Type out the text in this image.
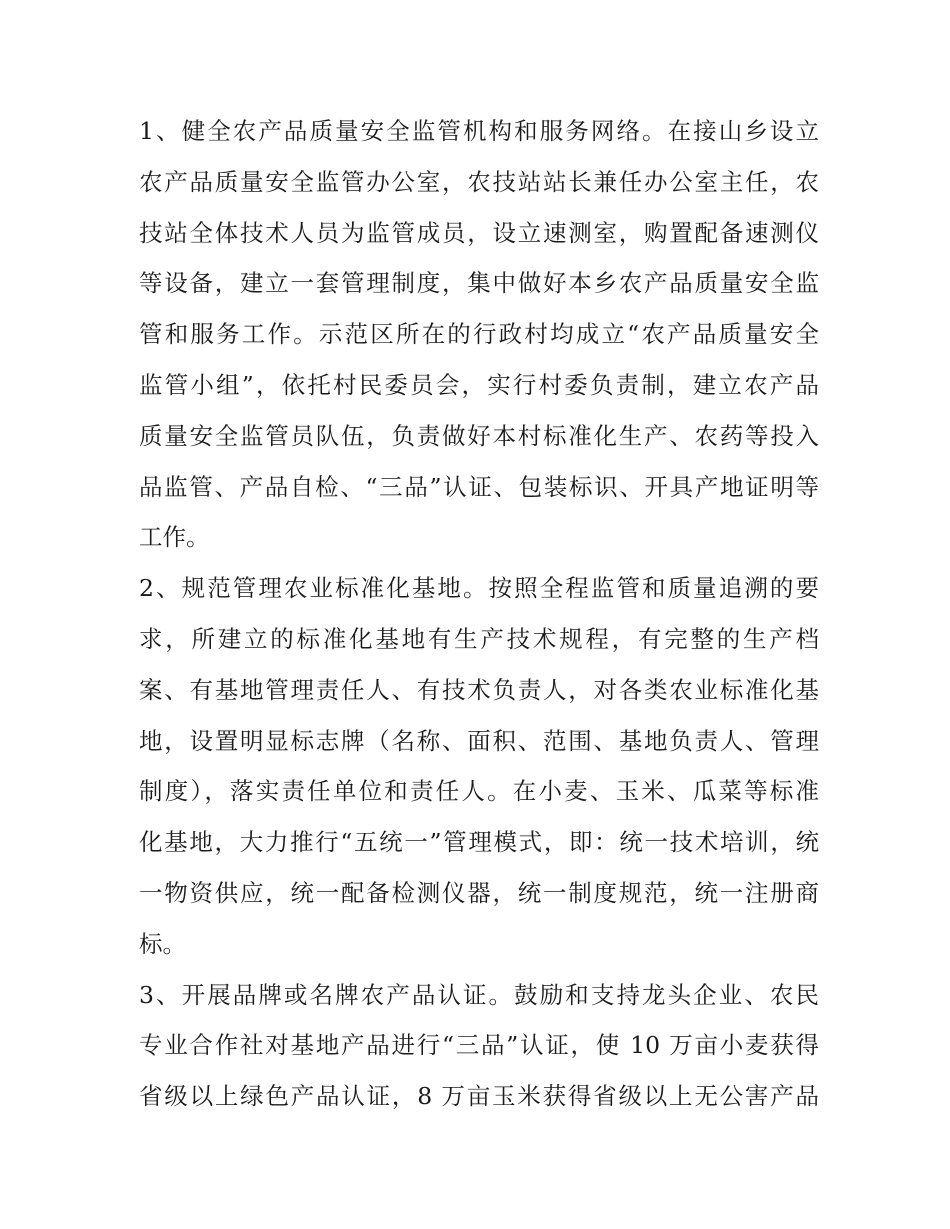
1、健全农产品质量安全监管机构和服务网络。在接山乡设立
农产品质量安全监管办公室，农技站站长兼任办公室主任，农
技站全体技术人员为监管成员，设立速测室，购置配备速测仪
等设备，建立一套管理制度，集中做好本乡农产品质量安全监
管和服务工作。示范区所在的行政村均成立“农产品质量安全
监管小组”，依托村民委员会，实行村委负责制，建立农产品
质量安全监管员队伍，负责做好本村标准化生产、农药等投入
品监管、产品自检、“三品”认证、包装标识、开具产地证明等
工作。
2、规范管理农业标准化基地。按照全程监管和质量追溯的要
求，所建立的标准化基地有生产技术规程，有完整的生产档
案、有基地管理责任人、有技术负责人，对各类农业标准化基
地，设置明显标志牌（名称、面积、范围、基地负责人、管理
制度），落实责任单位和责任人。在小麦、玉米、瓜菜等标准
化基地，大力推行“五统一”管理模式，即：统一技术培训，统
一物资供应，统一配备检测仪器，统一制度规范，统一注册商
标。
3、开展品牌或名牌农产品认证。鼓励和支持龙头企业、农民
专业合作社对基地产品进行“三品”认证，使 10 万亩小麦获得
省级以上绿色产品认证，8 万亩玉米获得省级以上无公害产品
